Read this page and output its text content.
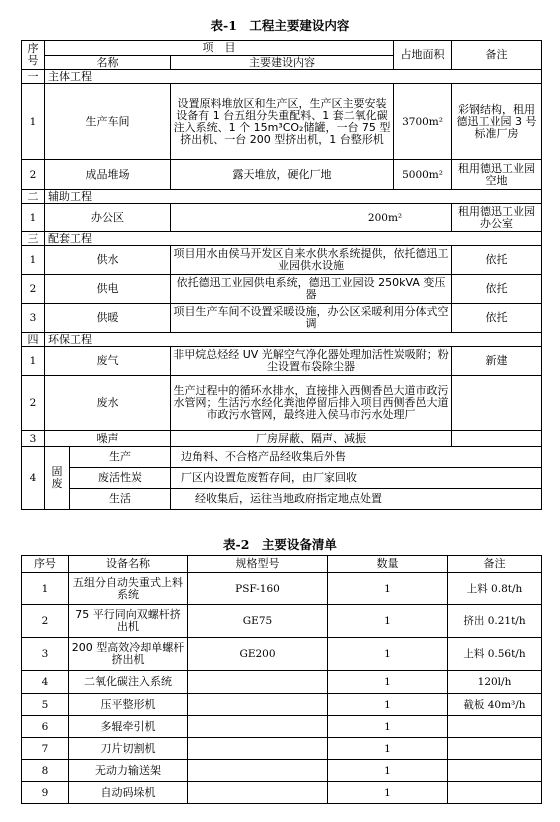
表-1　工程主要建设内容
序号	项　目			占地面积	备注
	名称		主要建设内容		
一	主体工程				
1	生产车间		设置原料堆放区和生产区，生产区主要安装设备有 1 台五组分失重配料、1 套二氧化碳注入系统、1 个 15m³CO₂储罐，一台 75 型挤出机、一台 200 型挤出机，1 台整形机	3700m²	彩钢结构，租用德迅工业园 3 号标准厂房
2	成品堆场		露天堆放，硬化厂地	5000m²	租用德迅工业园空地
二	辅助工程				
1	办公区		200m²		租用德迅工业园办公室
三	配套工程				
1	供水		项目用水由侯马开发区自来水供水系统提供，依托德迅工业园供水设施		依托
2	供电		依托德迅工业园供电系统，德迅工业园设 250kVA 变压器		依托
3	供暖		项目生产车间不设置采暖设施，办公区采暖利用分体式空调		依托
四	环保工程				
1	废气		非甲烷总烃经 UV 光解空气净化器处理加活性炭吸附；粉尘设置布袋除尘器		新建
2	废水		生产过程中的循环水排水，直接排入西侧香邑大道市政污水管网；生活污水经化粪池停留后排入项目西侧香邑大道市政污水管网，最终进入侯马市污水处理厂		
3	噪声		厂房屏蔽、隔声、减振		
4	固废	生产	边角料、不合格产品经收集后外售		
		废活性炭	厂区内设置危废暂存间，由厂家回收		
		生活	经收集后，运往当地政府指定地点处置		
表-2　主要设备清单
序号	设备名称	规格型号	数量	备注
1	五组分自动失重式上料系统	PSF-160	1	上料 0.8t/h
2	75 平行同向双螺杆挤出机	GE75	1	挤出 0.21t/h
3	200 型高效冷却单螺杆挤出机	GE200	1	上料 0.56t/h
4	二氧化碳注入系统		1	120l/h
5	压平整形机		1	截板 40m³/h
6	多辊牵引机		1	
7	刀片切割机		1	
8	无动力输送架		1	
9	自动码垛机		1	
